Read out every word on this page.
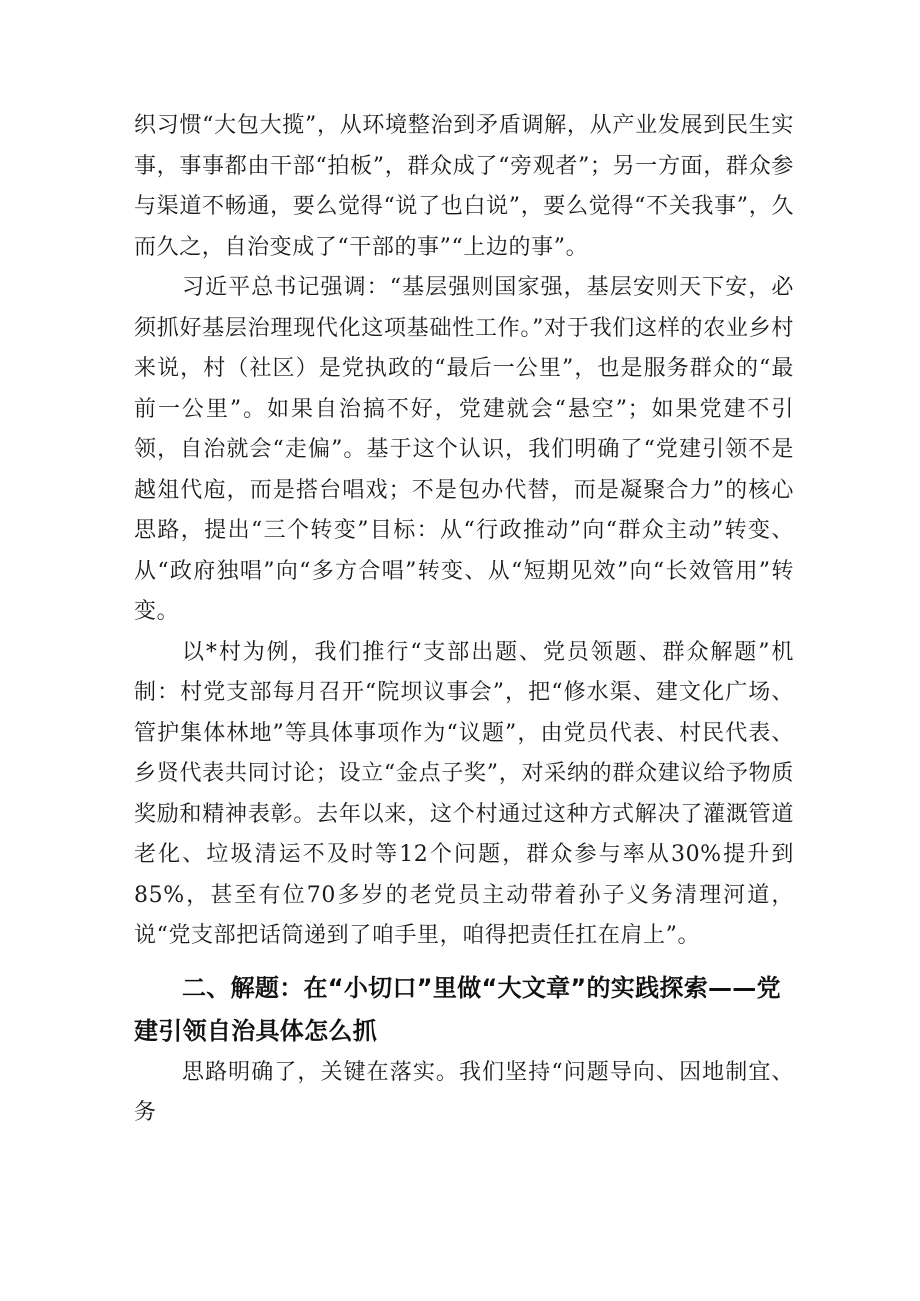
织习惯“大包大揽”，从环境整治到矛盾调解，从产业发展到民生实事，事事都由干部“拍板”，群众成了“旁观者”；另一方面，群众参与渠道不畅通，要么觉得“说了也白说”，要么觉得“不关我事”，久而久之，自治变成了“干部的事”“上边的事”。

习近平总书记强调：“基层强则国家强，基层安则天下安，必须抓好基层治理现代化这项基础性工作。”对于我们这样的农业乡村来说，村（社区）是党执政的“最后一公里”，也是服务群众的“最前一公里”。如果自治搞不好，党建就会“悬空”；如果党建不引领，自治就会“走偏”。基于这个认识，我们明确了“党建引领不是越俎代庖，而是搭台唱戏；不是包办代替，而是凝聚合力”的核心思路，提出“三个转变”目标：从“行政推动”向“群众主动”转变、从“政府独唱”向“多方合唱”转变、从“短期见效”向“长效管用”转变。

以*村为例，我们推行“支部出题、党员领题、群众解题”机制：村党支部每月召开“院坝议事会”，把“修水渠、建文化广场、管护集体林地”等具体事项作为“议题”，由党员代表、村民代表、乡贤代表共同讨论；设立“金点子奖”，对采纳的群众建议给予物质奖励和精神表彰。去年以来，这个村通过这种方式解决了灌溉管道老化、垃圾清运不及时等12个问题，群众参与率从30%提升到85%，甚至有位70多岁的老党员主动带着孙子义务清理河道，说“党支部把话筒递到了咱手里，咱得把责任扛在肩上”。

二、解题：在“小切口”里做“大文章”的实践探索——党建引领自治具体怎么抓

思路明确了，关键在落实。我们坚持“问题导向、因地制宜、务
